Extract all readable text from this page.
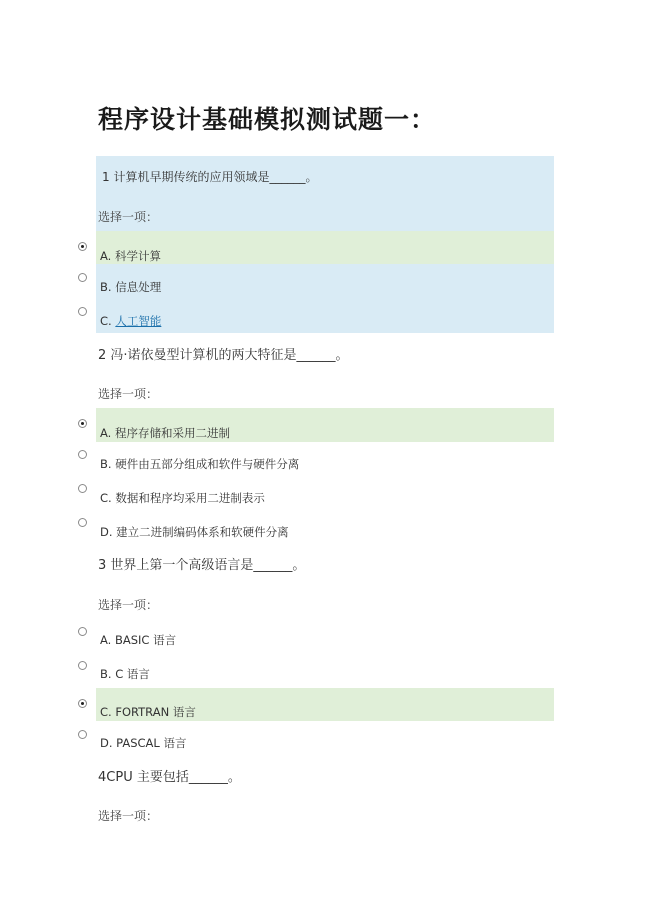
程序设计基础模拟测试题一：
1 计算机早期传统的应用领域是______。
选择一项：
A. 科学计算
B. 信息处理
C. 人工智能
2 冯·诺依曼型计算机的两大特征是______。
选择一项：
A. 程序存储和采用二进制
B. 硬件由五部分组成和软件与硬件分离
C. 数据和程序均采用二进制表示
D. 建立二进制编码体系和软硬件分离
3 世界上第一个高级语言是______。
选择一项：
A. BASIC 语言
B. C 语言
C. FORTRAN 语言
D. PASCAL 语言
4CPU 主要包括______。
选择一项：
